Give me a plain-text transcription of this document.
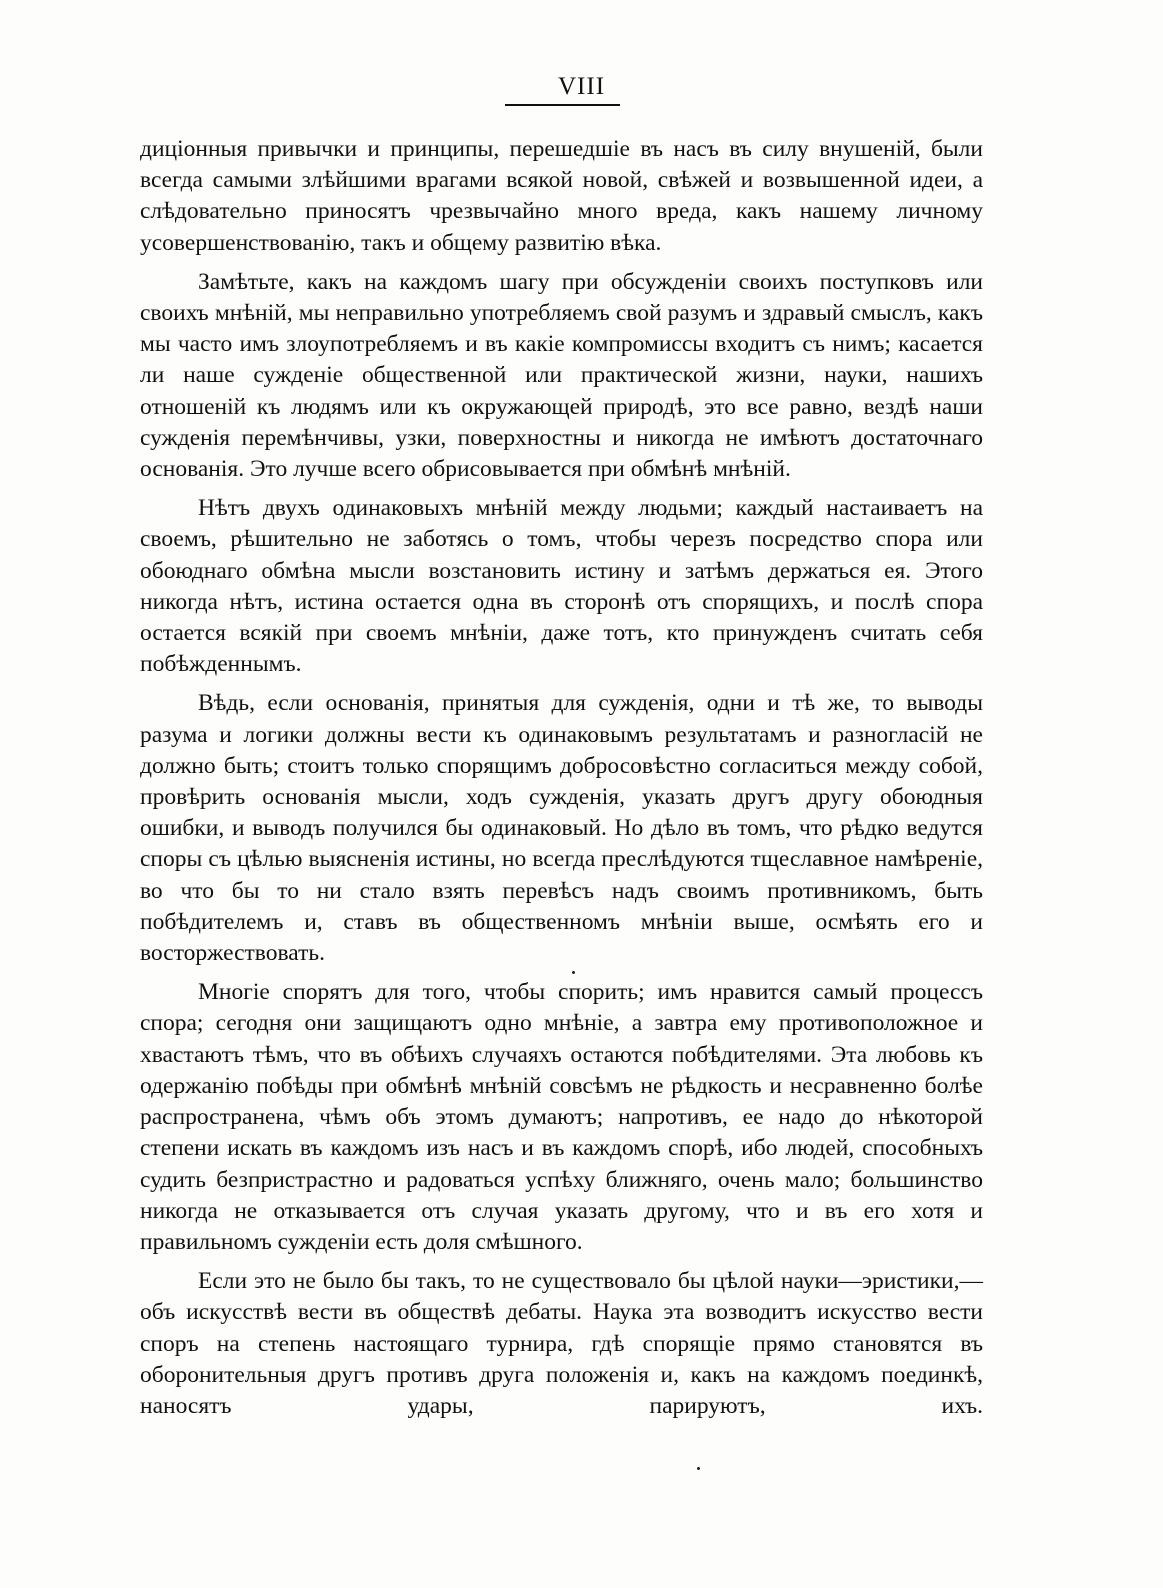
VIII

диціонныя привычки и принципы, перешедшіе въ насъ въ силу внушеній, были всегда самыми злѣйшими врагами всякой новой, свѣжей и возвышенной идеи, а слѣдовательно приносятъ чрезвычайно много вреда, какъ нашему личному усовершенствованію, такъ и общему развитію вѣка.

Замѣтьте, какъ на каждомъ шагу при обсужденіи своихъ поступковъ или своихъ мнѣній, мы неправильно употребляемъ свой разумъ и здравый смыслъ, какъ мы часто имъ злоупотребляемъ и въ какіе компромиссы входитъ съ нимъ; касается ли наше сужденіе общественной или практической жизни, науки, нашихъ отношеній къ людямъ или къ окружающей природѣ, это все равно, вездѣ наши сужденія перемѣнчивы, узки, поверхностны и никогда не имѣютъ достаточнаго основанія. Это лучше всего обрисовывается при обмѣнѣ мнѣній.

Нѣтъ двухъ одинаковыхъ мнѣній между людьми; каждый настаиваетъ на своемъ, рѣшительно не заботясь о томъ, чтобы черезъ посредство спора или обоюднаго обмѣна мысли возстановить истину и затѣмъ держаться ея. Этого никогда нѣтъ, истина остается одна въ сторонѣ отъ спорящихъ, и послѣ спора остается всякій при своемъ мнѣніи, даже тотъ, кто принужденъ считать себя побѣжденнымъ.

Вѣдь, если основанія, принятыя для сужденія, одни и тѣ же, то выводы разума и логики должны вести къ одинаковымъ результатамъ и разногласій не должно быть; стоитъ только спорящимъ добросовѣстно согласиться между собой, провѣрить основанія мысли, ходъ сужденія, указать другъ другу обоюдныя ошибки, и выводъ получился бы одинаковый. Но дѣло въ томъ, что рѣдко ведутся споры съ цѣлью выясненія истины, но всегда преслѣдуются тщеславное намѣреніе, во что бы то ни стало взять перевѣсъ надъ своимъ противникомъ, быть побѣдителемъ и, ставъ въ общественномъ мнѣніи выше, осмѣять его и восторжествовать.

Многіе спорятъ для того, чтобы спорить; имъ нравится самый процессъ спора; сегодня они защищаютъ одно мнѣніе, а завтра ему противоположное и хвастаютъ тѣмъ, что въ обѣихъ случаяхъ остаются побѣдителями. Эта любовь къ одержанію побѣды при обмѣнѣ мнѣній совсѣмъ не рѣдкость и несравненно болѣе распространена, чѣмъ объ этомъ думаютъ; напротивъ, ее надо до нѣкоторой степени искать въ каждомъ изъ насъ и въ каждомъ спорѣ, ибо людей, способныхъ судить безпристрастно и радоваться успѣху ближняго, очень мало; большинство никогда не отказывается отъ случая указать другому, что и въ его хотя и правильномъ сужденіи есть доля смѣшного.

Если это не было бы такъ, то не существовало бы цѣлой науки—эристики,—объ искусствѣ вести въ обществѣ дебаты. Наука эта возводитъ искусство вести споръ на степень настоящаго турнира, гдѣ спорящіе прямо становятся въ оборонительныя другъ противъ друга положенія и, какъ на каждомъ поединкѣ, наносятъ удары, парируютъ, ихъ.
